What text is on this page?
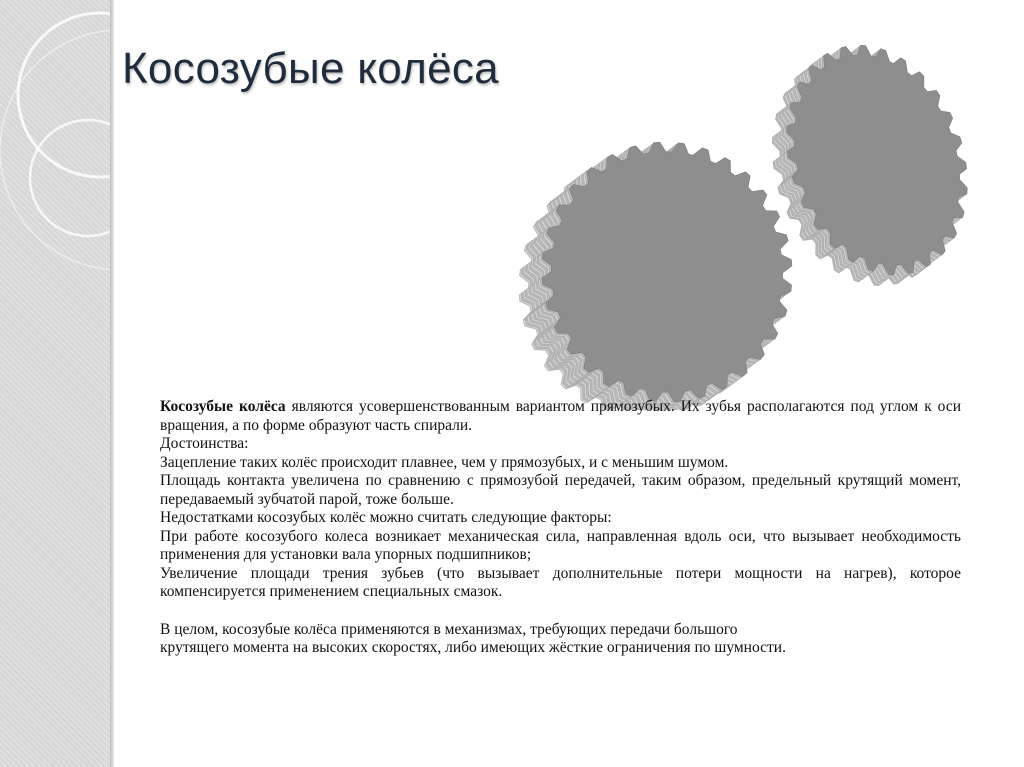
Косозубые колёса

Косозубые колёса являются усовершенствованным вариантом прямозубых. Их зубья располагаются под углом к оси вращения, а по форме образуют часть спирали.

Достоинства:

Зацепление таких колёс происходит плавнее, чем у прямозубых, и с меньшим шумом.

Площадь контакта увеличена по сравнению с прямозубой передачей, таким образом, предельный крутящий момент, передаваемый зубчатой парой, тоже больше.

Недостатками косозубых колёс можно считать следующие факторы:

При работе косозубого колеса возникает механическая сила, направленная вдоль оси, что вызывает необходимость применения для установки вала упорных подшипников;

Увеличение площади трения зубьев (что вызывает дополнительные потери мощности на нагрев), которое компенсируется применением специальных смазок.

В целом, косозубые колёса применяются в механизмах, требующих передачи большого

крутящего момента на высоких скоростях, либо имеющих жёсткие ограничения по шумности.
